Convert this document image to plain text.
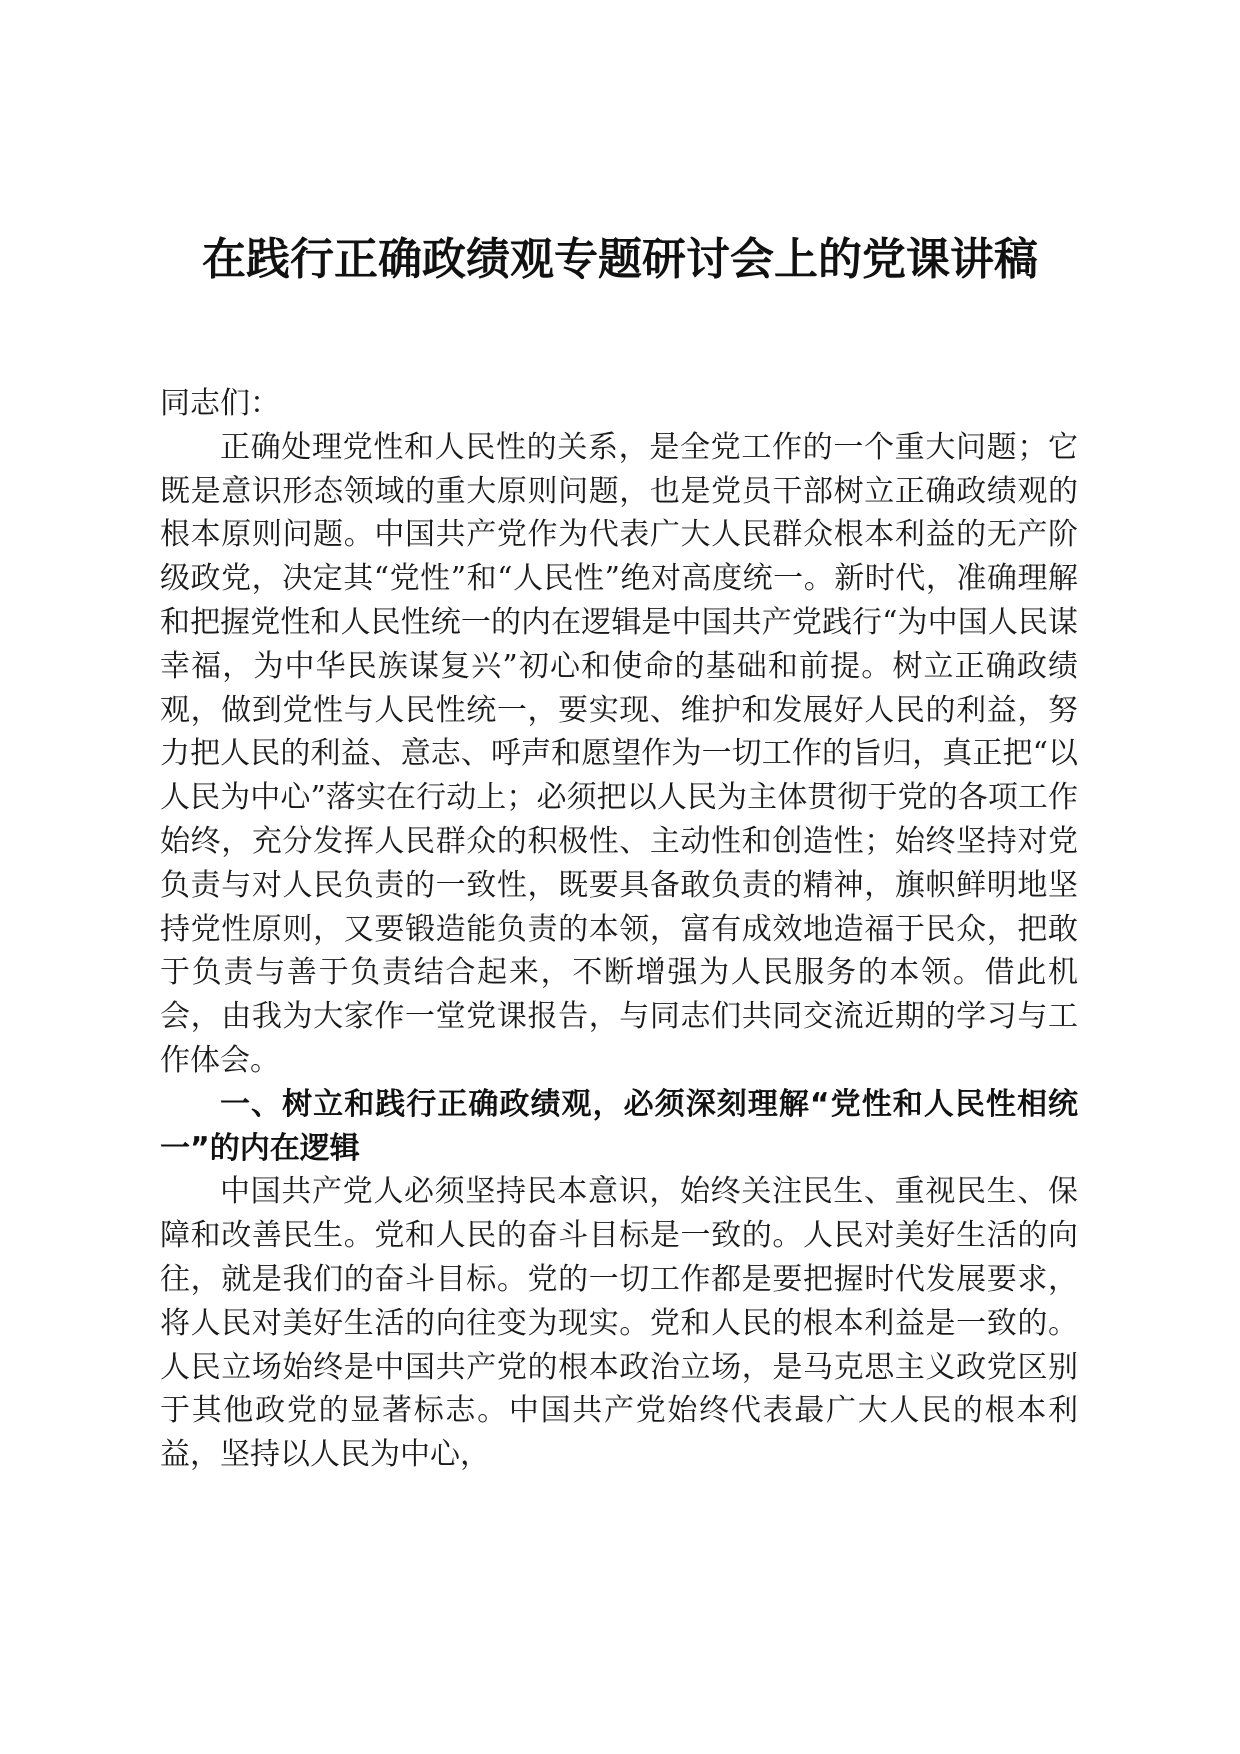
在践行正确政绩观专题研讨会上的党课讲稿

同志们：

正确处理党性和人民性的关系，是全党工作的一个重大问题；它既是意识形态领域的重大原则问题，也是党员干部树立正确政绩观的根本原则问题。中国共产党作为代表广大人民群众根本利益的无产阶级政党，决定其“党性”和“人民性”绝对高度统一。新时代，准确理解和把握党性和人民性统一的内在逻辑是中国共产党践行“为中国人民谋幸福，为中华民族谋复兴”初心和使命的基础和前提。树立正确政绩观，做到党性与人民性统一，要实现、维护和发展好人民的利益，努力把人民的利益、意志、呼声和愿望作为一切工作的旨归，真正把“以人民为中心”落实在行动上；必须把以人民为主体贯彻于党的各项工作始终，充分发挥人民群众的积极性、主动性和创造性；始终坚持对党负责与对人民负责的一致性，既要具备敢负责的精神，旗帜鲜明地坚持党性原则，又要锻造能负责的本领，富有成效地造福于民众，把敢于负责与善于负责结合起来，不断增强为人民服务的本领。借此机会，由我为大家作一堂党课报告，与同志们共同交流近期的学习与工作体会。

一、树立和践行正确政绩观，必须深刻理解“党性和人民性相统一”的内在逻辑

中国共产党人必须坚持民本意识，始终关注民生、重视民生、保障和改善民生。党和人民的奋斗目标是一致的。人民对美好生活的向往，就是我们的奋斗目标。党的一切工作都是要把握时代发展要求，将人民对美好生活的向往变为现实。党和人民的根本利益是一致的。人民立场始终是中国共产党的根本政治立场，是马克思主义政党区别于其他政党的显著标志。中国共产党始终代表最广大人民的根本利益，坚持以人民为中心，
